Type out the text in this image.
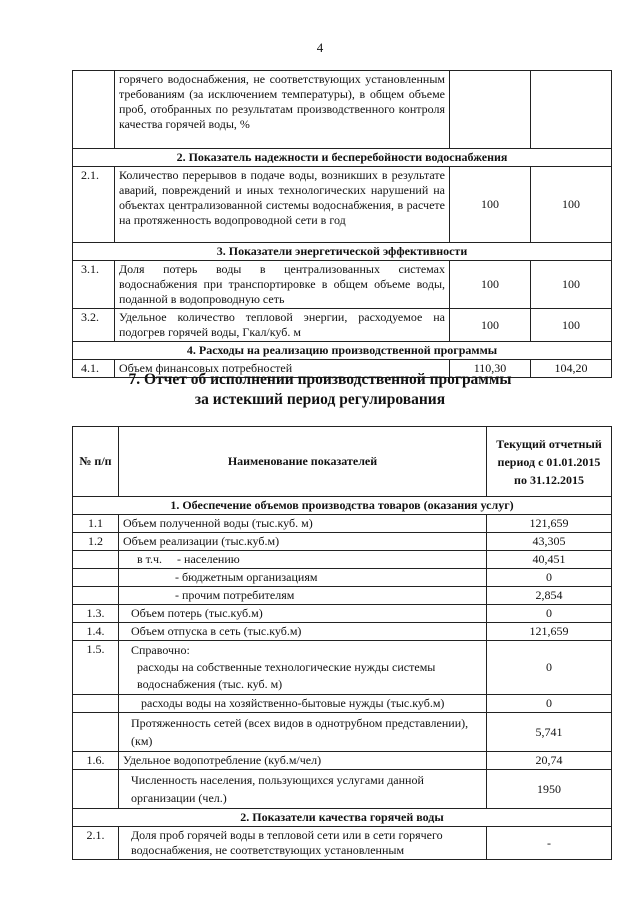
4
	горячего водоснабжения, не соответствующих установленным требованиям (за исключением температуры), в общем объеме проб, отобранных по результатам производственного контроля качества горячей воды, %		
2. Показатель надежности и бесперебойности водоснабжения			
2.1.	Количество перерывов в подаче воды, возникших в результате аварий, повреждений и иных технологических нарушений на объектах централизованной системы водоснабжения, в расчете на протяженность водопроводной сети в год	100	100
3. Показатели энергетической эффективности			
3.1.	Доля потерь воды в централизованных системах водоснабжения при транспортировке в общем объеме воды, поданной в водопроводную сеть	100	100
3.2.	Удельное количество тепловой энергии, расходуемое на подогрев горячей воды, Гкал/куб. м	100	100
4. Расходы на реализацию производственной программы			
4.1.	Объем финансовых потребностей	110,30	104,20
7. Отчет об исполнении производственной программы
за истекший период регулирования
№ п/п	Наименование показателей	Текущий отчетный период с 01.01.2015 по 31.12.2015
1. Обеспечение объемов производства товаров (оказания услуг)		
1.1	Объем полученной воды (тыс.куб. м)	121,659
1.2	Объем реализации (тыс.куб.м)	43,305
	в т.ч. - населению	40,451
	- бюджетным организациям	0
	- прочим потребителям	2,854
1.3.	Объем потерь (тыс.куб.м)	0
1.4.	Объем отпуска в сеть (тыс.куб.м)	121,659
1.5.	Справочно:
расходы на собственные технологические нужды системы водоснабжения (тыс. куб. м)	0
	расходы воды на хозяйственно-бытовые нужды (тыс.куб.м)	0
	Протяженность сетей (всех видов в однотрубном представлении), (км)	5,741
1.6.	Удельное водопотребление (куб.м/чел)	20,74
	Численность населения, пользующихся услугами данной организации (чел.)	1950
2. Показатели качества горячей воды		
2.1.	Доля проб горячей воды в тепловой сети или в сети горячего водоснабжения, не соответствующих установленным	-
